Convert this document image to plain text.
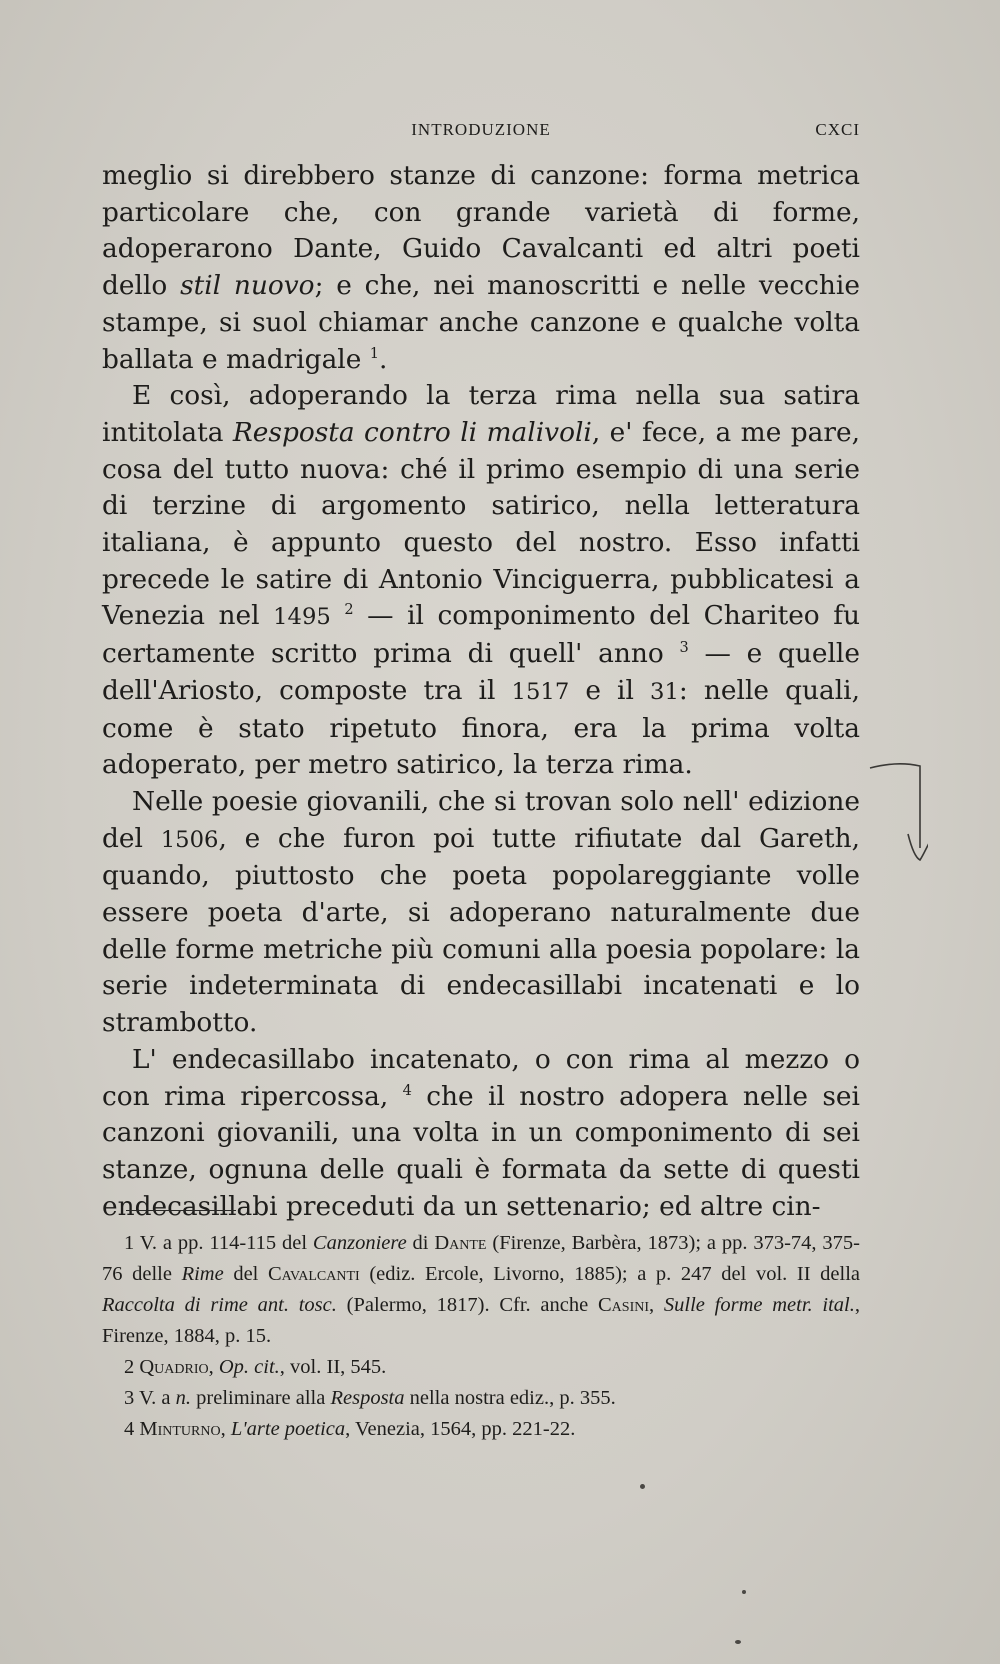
INTRODUZIONE	CXCI

meglio si direbbero stanze di canzone: forma metrica particolare che, con grande varietà di forme, adoperarono Dante, Guido Cavalcanti ed altri poeti dello stil nuovo; e che, nei manoscritti e nelle vecchie stampe, si suol chiamar anche canzone e qualche volta ballata e madrigale $^1$.

E così, adoperando la terza rima nella sua satira intitolata Resposta contro li malivoli, e' fece, a me pare, cosa del tutto nuova: ché il primo esempio di una serie di terzine di argomento satirico, nella letteratura italiana, è appunto questo del nostro. Esso infatti precede le satire di Antonio Vinciguerra, pubblicatesi a Venezia nel 1495 $^2$ — il componimento del Chariteo fu certamente scritto prima di quell' anno $^3$ — e quelle dell'Ariosto, composte tra il 1517 e il 31: nelle quali, come è stato ripetuto finora, era la prima volta adoperato, per metro satirico, la terza rima.

Nelle poesie giovanili, che si trovan solo nell' edizione del 1506, e che furon poi tutte rifiutate dal Gareth, quando, piuttosto che poeta popolareggiante volle essere poeta d'arte, si adoperano naturalmente due delle forme metriche più comuni alla poesia popolare: la serie indeterminata di endecasillabi incatenati e lo strambotto.

L' endecasillabo incatenato, o con rima al mezzo o con rima ripercossa, $^4$ che il nostro adopera nelle sei canzoni giovanili, una volta in un componimento di sei stanze, ognuna delle quali è formata da sette di questi endecasillabi preceduti da un settenario; ed altre cin-

1 V. a pp. 114-115 del Canzoniere di Dante (Firenze, Barbèra, 1873); a pp. 373-74, 375-76 delle Rime del Cavalcanti (ediz. Ercole, Livorno, 1885); a p. 247 del vol. II della Raccolta di rime ant. tosc. (Palermo, 1817). Cfr. anche Casini, Sulle forme metr. ital., Firenze, 1884, p. 15.

2 Quadrio, Op. cit., vol. II, 545.

3 V. a n. preliminare alla Resposta nella nostra ediz., p. 355.

4 Minturno, L'arte poetica, Venezia, 1564, pp. 221-22.
